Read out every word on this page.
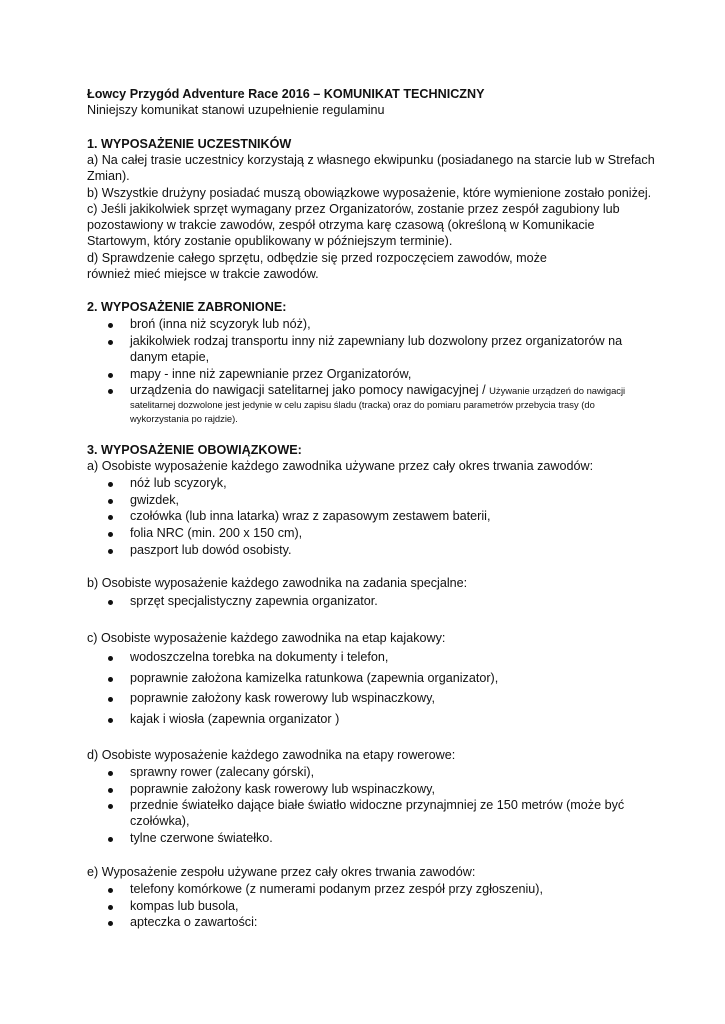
Łowcy Przygód Adventure Race 2016 – KOMUNIKAT TECHNICZNY
Niniejszy komunikat stanowi uzupełnienie regulaminu
1. WYPOSAŻENIE UCZESTNIKÓW
a) Na całej trasie uczestnicy korzystają z własnego ekwipunku (posiadanego na starcie lub w Strefach
Zmian).
b) Wszystkie drużyny posiadać muszą obowiązkowe wyposażenie, które wymienione zostało poniżej.
c) Jeśli jakikolwiek sprzęt wymagany przez Organizatorów, zostanie przez zespół zagubiony lub
pozostawiony w trakcie zawodów, zespół otrzyma karę czasową (określoną w Komunikacie
Startowym, który zostanie opublikowany w późniejszym terminie).
d) Sprawdzenie całego sprzętu, odbędzie się przed rozpoczęciem zawodów, może
również mieć miejsce w trakcie zawodów.
2. WYPOSAŻENIE ZABRONIONE:
broń (inna niż scyzoryk lub nóż),
jakikolwiek rodzaj transportu inny niż zapewniany lub dozwolony przez organizatorów na
danym etapie,
mapy - inne niż zapewnianie przez Organizatorów,
urządzenia do nawigacji satelitarnej jako pomocy nawigacyjnej / Używanie urządzeń do nawigacji
satelitarnej dozwolone jest jedynie w celu zapisu śladu (tracka) oraz do pomiaru parametrów przebycia trasy (do
wykorzystania po rajdzie).
3. WYPOSAŻENIE OBOWIĄZKOWE:
a) Osobiste wyposażenie każdego zawodnika używane przez cały okres trwania zawodów:
nóż lub scyzoryk,
gwizdek,
czołówka (lub inna latarka) wraz z zapasowym zestawem baterii,
folia NRC (min. 200 x 150 cm),
paszport lub dowód osobisty.
b) Osobiste wyposażenie każdego zawodnika na zadania specjalne:
sprzęt specjalistyczny zapewnia organizator.
c) Osobiste wyposażenie każdego zawodnika na etap kajakowy:
wodoszczelna torebka na dokumenty i telefon,
poprawnie założona kamizelka ratunkowa (zapewnia organizator),
poprawnie założony kask rowerowy lub wspinaczkowy,
kajak i wiosła (zapewnia organizator )
d) Osobiste wyposażenie każdego zawodnika na etapy rowerowe:
sprawny rower (zalecany górski),
poprawnie założony kask rowerowy lub wspinaczkowy,
przednie światełko dające białe światło widoczne przynajmniej ze 150 metrów (może być
czołówka),
tylne czerwone światełko.
e) Wyposażenie zespołu używane przez cały okres trwania zawodów:
telefony komórkowe (z numerami podanym przez zespół przy zgłoszeniu),
kompas lub busola,
apteczka o zawartości:
